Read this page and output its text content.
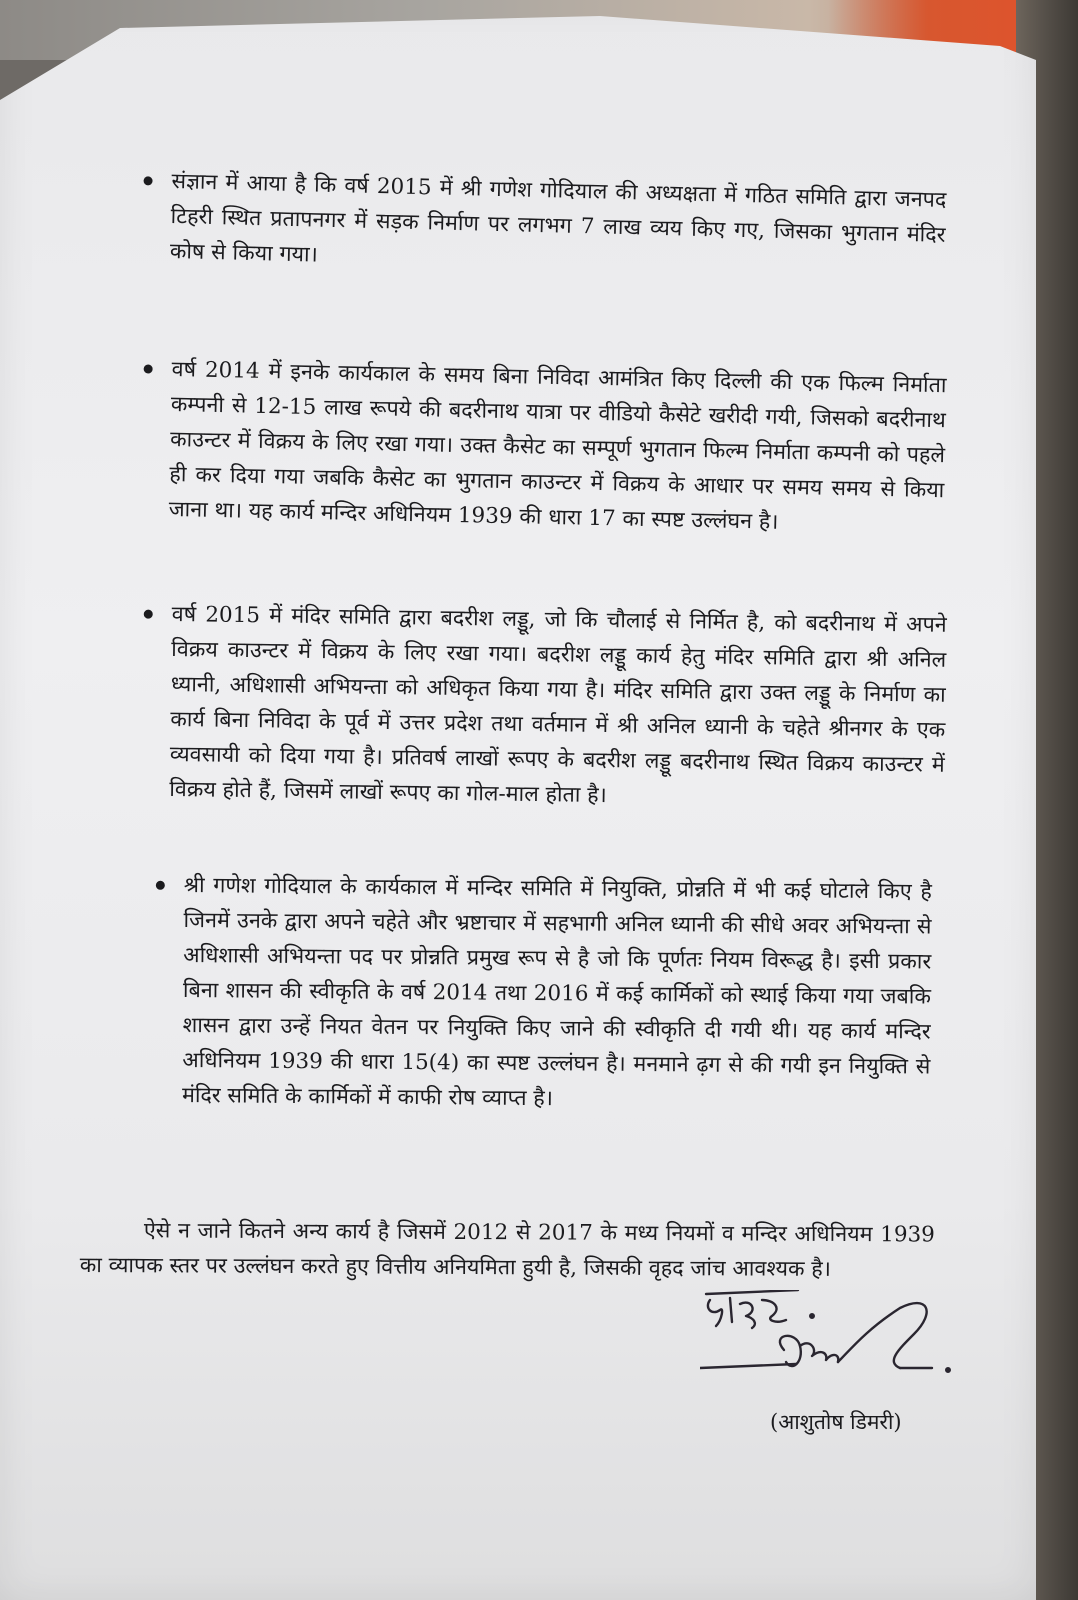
संज्ञान में आया है कि वर्ष 2015 में श्री गणेश गोदियाल की अध्यक्षता में गठित समिति द्वारा जनपद टिहरी स्थित प्रतापनगर में सड़क निर्माण पर लगभग 7 लाख व्यय किए गए, जिसका भुगतान मंदिर कोष से किया गया।
वर्ष 2014 में इनके कार्यकाल के समय बिना निविदा आमंत्रित किए दिल्ली की एक फिल्म निर्माता कम्पनी से 12-15 लाख रूपये की बदरीनाथ यात्रा पर वीडियो कैसेटे खरीदी गयी, जिसको बदरीनाथ काउन्टर में विक्रय के लिए रखा गया। उक्त कैसेट का सम्पूर्ण भुगतान फिल्म निर्माता कम्पनी को पहले ही कर दिया गया जबकि कैसेट का भुगतान काउन्टर में विक्रय के आधार पर समय समय से किया जाना था। यह कार्य मन्दिर अधिनियम 1939 की धारा 17 का स्पष्ट उल्लंघन है।
वर्ष 2015 में मंदिर समिति द्वारा बदरीश लड्डू, जो कि चौलाई से निर्मित है, को बदरीनाथ में अपने विक्रय काउन्टर में विक्रय के लिए रखा गया। बदरीश लड्डू कार्य हेतु मंदिर समिति द्वारा श्री अनिल ध्यानी, अधिशासी अभियन्ता को अधिकृत किया गया है। मंदिर समिति द्वारा उक्त लड्डू के निर्माण का कार्य बिना निविदा के पूर्व में उत्तर प्रदेश तथा वर्तमान में श्री अनिल ध्यानी के चहेते श्रीनगर के एक व्यवसायी को दिया गया है। प्रतिवर्ष लाखों रूपए के बदरीश लड्डू बदरीनाथ स्थित विक्रय काउन्टर में विक्रय होते हैं, जिसमें लाखों रूपए का गोल-माल होता है।
श्री गणेश गोदियाल के कार्यकाल में मन्दिर समिति में नियुक्ति, प्रोन्नति में भी कई घोटाले किए है जिनमें उनके द्वारा अपने चहेते और भ्रष्टाचार में सहभागी अनिल ध्यानी की सीधे अवर अभियन्ता से अधिशासी अभियन्ता पद पर प्रोन्नति प्रमुख रूप से है जो कि पूर्णतः नियम विरूद्ध है। इसी प्रकार बिना शासन की स्वीकृति के वर्ष 2014 तथा 2016 में कई कार्मिकों को स्थाई किया गया जबकि शासन द्वारा उन्हें नियत वेतन पर नियुक्ति किए जाने की स्वीकृति दी गयी थी। यह कार्य मन्दिर अधिनियम 1939 की धारा 15(4) का स्पष्ट उल्लंघन है। मनमाने ढ़ग से की गयी इन नियुक्ति से मंदिर समिति के कार्मिकों में काफी रोष व्याप्त है।
ऐसे न जाने कितने अन्य कार्य है जिसमें 2012 से 2017 के मध्य नियमों व मन्दिर अधिनियम 1939 का व्यापक स्तर पर उल्लंघन करते हुए वित्तीय अनियमिता हुयी है, जिसकी वृहद जांच आवश्यक है।
(आशुतोष डिमरी)
